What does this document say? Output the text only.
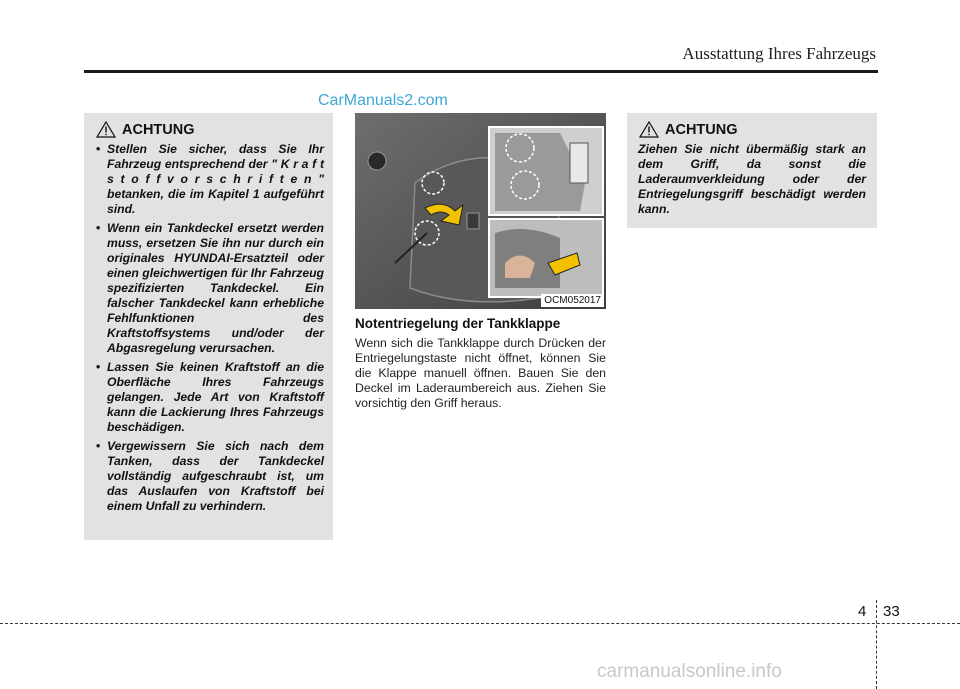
Ausstattung Ihres Fahrzeugs
CarManuals2.com
ACHTUNG
• Stellen Sie sicher, dass Sie Ihr Fahrzeug entsprechend der " K r a f t s t o f f v o r s c h r i f t e n " betanken, die im Kapitel 1 aufgeführt sind.
• Wenn ein Tankdeckel ersetzt werden muss, ersetzen Sie ihn nur durch ein originales HYUNDAI-Ersatzteil oder einen gleichwertigen für Ihr Fahrzeug spezifizierten Tankdeckel. Ein falscher Tankdeckel kann erhebliche Fehlfunktionen des Kraftstoffsystems und/oder der Abgasregelung verursachen.
• Lassen Sie keinen Kraftstoff an die Oberfläche Ihres Fahrzeugs gelangen. Jede Art von Kraftstoff kann die Lackierung Ihres Fahrzeugs beschädigen.
• Vergewissern Sie sich nach dem Tanken, dass der Tankdeckel vollständig aufgeschraubt ist, um das Auslaufen von Kraftstoff bei einem Unfall zu verhindern.
OCM052017
Notentriegelung der Tankklappe
Wenn sich die Tankklappe durch Drücken der Entriegelungstaste nicht öffnet, können Sie die Klappe manuell öffnen. Bauen Sie den Deckel im Laderaumbereich aus. Ziehen Sie vorsichtig den Griff heraus.
ACHTUNG
Ziehen Sie nicht übermäßig stark an dem Griff, da sonst die Laderaumverkleidung oder der Entriegelungsgriff beschädigt werden kann.
4 33
carmanualsonline.info
